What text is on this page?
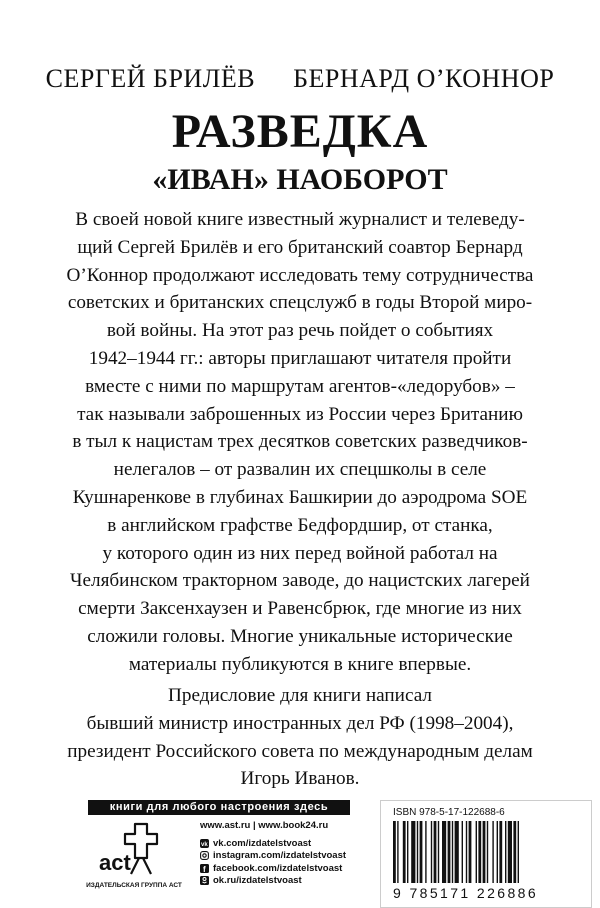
СЕРГЕЙ БРИЛЁВ БЕРНАРД О’КОННОР
РАЗВЕДКА
«ИВАН» НАОБОРОТ
В своей новой книге известный журналист и телеведу-
щий Сергей Брилёв и его британский соавтор Бернард
О’Коннор продолжают исследовать тему сотрудничества
советских и британских спецслужб в годы Второй миро-
вой войны. На этот раз речь пойдет о событиях
1942–1944 гг.: авторы приглашают читателя пройти
вместе с ними по маршрутам агентов-«ледорубов» –
так называли заброшенных из России через Британию
в тыл к нацистам трех десятков советских разведчиков-
нелегалов – от развалин их спецшколы в селе
Кушнаренкове в глубинах Башкирии до аэродрома SOE
в английском графстве Бедфордшир, от станка,
у которого один из них перед войной работал на
Челябинском тракторном заводе, до нацистских лагерей
смерти Заксенхаузен и Равенсбрюк, где многие из них
сложили головы. Многие уникальные исторические
материалы публикуются в книге впервые.
Предисловие для книги написал
бывший министр иностранных дел РФ (1998–2004),
президент Российского совета по международным делам
Игорь Иванов.
книги для любого настроения здесь
act
ИЗДАТЕЛЬСКАЯ ГРУППА АСТ
www.ast.ru | www.book24.ru
vk vk.com/izdatelstvoast
instagram.com/izdatelstvoast
f facebook.com/izdatelstvoast
ok.ru/izdatelstvoast
ISBN 978-5-17-122688-6
9 785171 226886
